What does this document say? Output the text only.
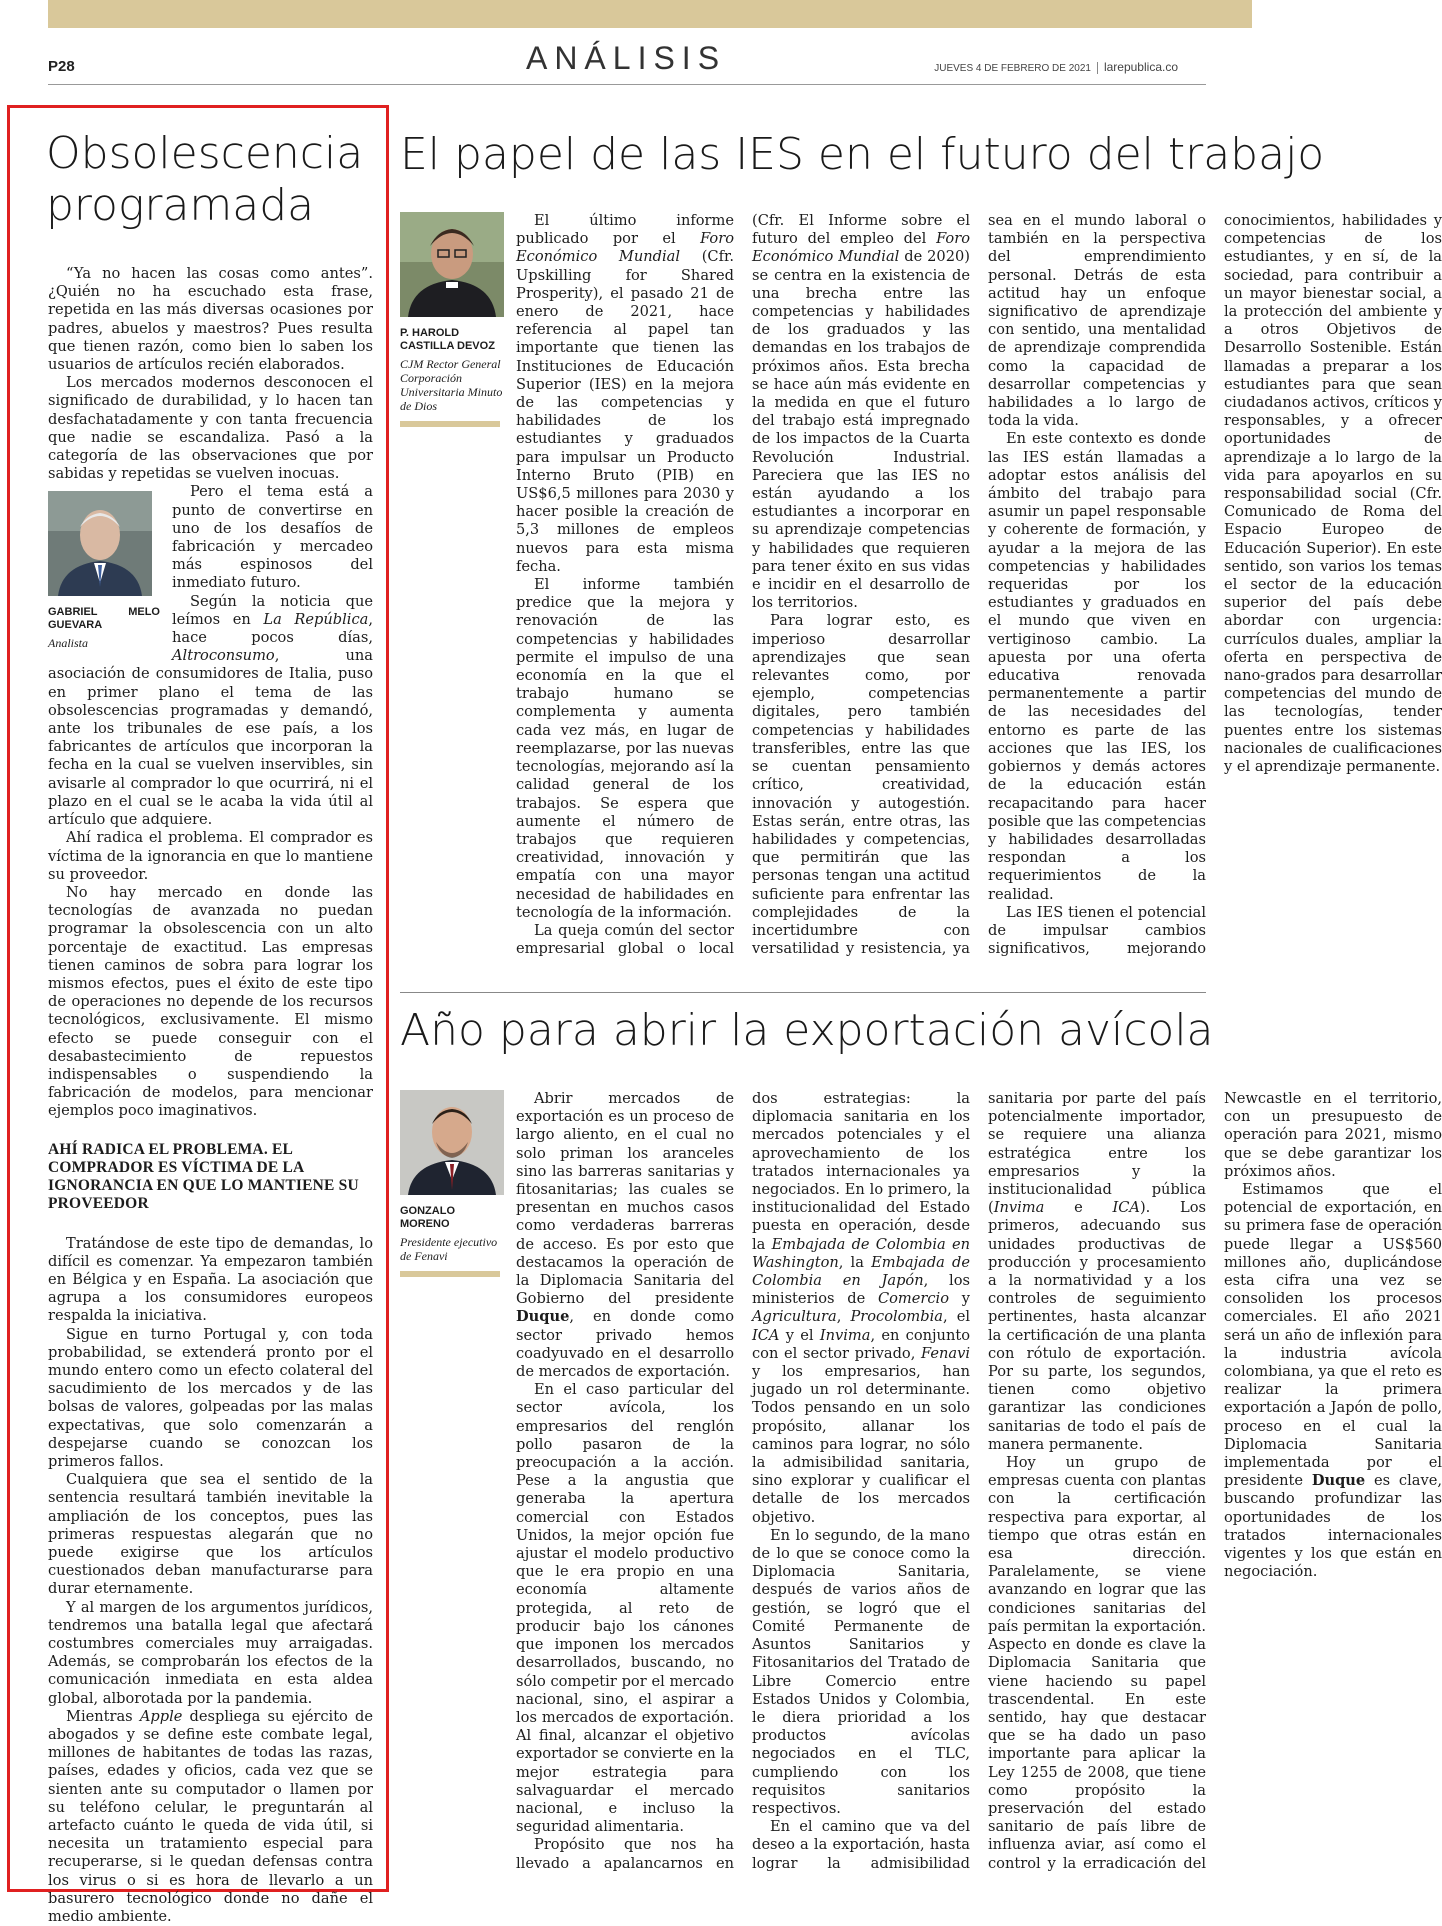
P28	ANÁLISIS	JUEVES 4 DE FEBRERO DE 2021 larepublica.co
Obsolescencia programada

“Ya no hacen las cosas como antes”. ¿Quién no ha escuchado esta frase, repetida en las más diversas ocasiones por padres, abuelos y maestros? Pues resulta que tienen razón, como bien lo saben los usuarios de artículos recién elaborados.

Los mercados modernos desconocen el significado de durabilidad, y lo hacen tan desfachatadamente y con tanta frecuencia que nadie se escandaliza. Pasó a la categoría de las observaciones que por sabidas y repetidas se vuelven inocuas.

GABRIEL MELO GUEVARA
Analista

Pero el tema está a punto de convertirse en uno de los desafíos de fabricación y mercadeo más espinosos del inmediato futuro.

Según la noticia que leímos en La República, hace pocos días, Altroconsumo, una asociación de consumidores de Italia, puso en primer plano el tema de las obsolescencias programadas y demandó, ante los tribunales de ese país, a los fabricantes de artículos que incorporan la fecha en la cual se vuelven inservibles, sin avisarle al comprador lo que ocurrirá, ni el plazo en el cual se le acaba la vida útil al artículo que adquiere.

Ahí radica el problema. El comprador es víctima de la ignorancia en que lo mantiene su proveedor.

No hay mercado en donde las tecnologías de avanzada no puedan programar la obsolescencia con un alto porcentaje de exactitud. Las empresas tienen caminos de sobra para lograr los mismos efectos, pues el éxito de este tipo de operaciones no depende de los recursos tecnológicos, exclusivamente. El mismo efecto se puede conseguir con el desabastecimiento de repuestos indispensables o suspendiendo la fabricación de modelos, para mencionar ejemplos poco imaginativos.

AHÍ RADICA EL PROBLEMA. EL COMPRADOR ES VÍCTIMA DE LA IGNORANCIA EN QUE LO MANTIENE SU PROVEEDOR

Tratándose de este tipo de demandas, lo difícil es comenzar. Ya empezaron también en Bélgica y en España. La asociación que agrupa a los consumidores europeos respalda la iniciativa.

Sigue en turno Portugal y, con toda probabilidad, se extenderá pronto por el mundo entero como un efecto colateral del sacudimiento de los mercados y de las bolsas de valores, golpeadas por las malas expectativas, que solo comenzarán a despejarse cuando se conozcan los primeros fallos.

Cualquiera que sea el sentido de la sentencia resultará también inevitable la ampliación de los conceptos, pues las primeras respuestas alegarán que no puede exigirse que los artículos cuestionados deban manufacturarse para durar eternamente.

Y al margen de los argumentos jurídicos, tendremos una batalla legal que afectará costumbres comerciales muy arraigadas. Además, se comprobarán los efectos de la comunicación inmediata en esta aldea global, alborotada por la pandemia.

Mientras Apple despliega su ejército de abogados y se define este combate legal, millones de habitantes de todas las razas, países, edades y oficios, cada vez que se sienten ante su computador o llamen por su teléfono celular, le preguntarán al artefacto cuánto le queda de vida útil, si necesita un tratamiento especial para recuperarse, si le quedan defensas contra los virus o si es hora de llevarlo a un basurero tecnológico donde no dañe el medio ambiente.

El papel de las IES en el futuro del trabajo
P. HAROLD CASTILLA DEVOZ
CJM Rector General Corporación Universitaria Minuto de Dios

El último informe publicado por el Foro Económico Mundial (Cfr. Upskilling for Shared Prosperity), el pasado 21 de enero de 2021, hace referencia al papel tan importante que tienen las Instituciones de Educación Superior (IES) en la mejora de las competencias y habilidades de los estudiantes y graduados para impulsar un Producto Interno Bruto (PIB) en US$6,5 millones para 2030 y hacer posible la creación de 5,3 millones de empleos nuevos para esta misma fecha.

El informe también predice que la mejora y renovación de las competencias y habilidades permite el impulso de una economía en la que el trabajo humano se complementa y aumenta cada vez más, en lugar de reemplazarse, por las nuevas tecnologías, mejorando así la calidad general de los trabajos. Se espera que aumente el número de trabajos que requieren creatividad, innovación y empatía con una mayor necesidad de habilidades en tecnología de la información.

La queja común del sector empresarial global o local (Cfr. El Informe sobre el futuro del empleo del Foro Económico Mundial de 2020) se centra en la existencia de una brecha entre las competencias y habilidades de los graduados y las demandas en los trabajos de próximos años. Esta brecha se hace aún más evidente en la medida en que el futuro del trabajo está impregnado de los impactos de la Cuarta Revolución Industrial. Pareciera que las IES no están ayudando a los estudiantes a incorporar en su aprendizaje competencias y habilidades que requieren para tener éxito en sus vidas e incidir en el desarrollo de los territorios.

Para lograr esto, es imperioso desarrollar aprendizajes que sean relevantes como, por ejemplo, competencias digitales, pero también competencias y habilidades transferibles, entre las que se cuentan pensamiento crítico, creatividad, innovación y autogestión. Estas serán, entre otras, las habilidades y competencias, que permitirán que las personas tengan una actitud suficiente para enfrentar las complejidades de la incertidumbre con versatilidad y resistencia, ya sea en el mundo laboral o también en la perspectiva del emprendimiento personal. Detrás de esta actitud hay un enfoque significativo de aprendizaje con sentido, una mentalidad de aprendizaje comprendida como la capacidad de desarrollar competencias y habilidades a lo largo de toda la vida.

En este contexto es donde las IES están llamadas a adoptar estos análisis del ámbito del trabajo para asumir un papel responsable y coherente de formación, y ayudar a la mejora de las competencias y habilidades requeridas por los estudiantes y graduados en el mundo que viven en vertiginoso cambio. La apuesta por una oferta educativa renovada permanentemente a partir de las necesidades del entorno es parte de las acciones que las IES, los gobiernos y demás actores de la educación están recapacitando para hacer posible que las competencias y habilidades desarrolladas respondan a los requerimientos de la realidad.

Las IES tienen el potencial de impulsar cambios significativos, mejorando conocimientos, habilidades y competencias de los estudiantes, y en sí, de la sociedad, para contribuir a un mayor bienestar social, a la protección del ambiente y a otros Objetivos de Desarrollo Sostenible. Están llamadas a preparar a los estudiantes para que sean ciudadanos activos, críticos y responsables, y a ofrecer oportunidades de aprendizaje a lo largo de la vida para apoyarlos en su responsabilidad social (Cfr. Comunicado de Roma del Espacio Europeo de Educación Superior). En este sentido, son varios los temas el sector de la educación superior del país debe abordar con urgencia: currículos duales, ampliar la oferta en perspectiva de nano-grados para desarrollar competencias del mundo de las tecnologías, tender puentes entre los sistemas nacionales de cualificaciones y el aprendizaje permanente.

Año para abrir la exportación avícola
GONZALO MORENO
Presidente ejecutivo de Fenavi

Abrir mercados de exportación es un proceso de largo aliento, en el cual no solo priman los aranceles sino las barreras sanitarias y fitosanitarias; las cuales se presentan en muchos casos como verdaderas barreras de acceso. Es por esto que destacamos la operación de la Diplomacia Sanitaria del Gobierno del presidente Duque, en donde como sector privado hemos coadyuvado en el desarrollo de mercados de exportación.

En el caso particular del sector avícola, los empresarios del renglón pollo pasaron de la preocupación a la acción. Pese a la angustia que generaba la apertura comercial con Estados Unidos, la mejor opción fue ajustar el modelo productivo que le era propio en una economía altamente protegida, al reto de producir bajo los cánones que imponen los mercados desarrollados, buscando, no sólo competir por el mercado nacional, sino, el aspirar a los mercados de exportación. Al final, alcanzar el objetivo exportador se convierte en la mejor estrategia para salvaguardar el mercado nacional, e incluso la seguridad alimentaria.

Propósito que nos ha llevado a apalancarnos en dos estrategias: la diplomacia sanitaria en los mercados potenciales y el aprovechamiento de los tratados internacionales ya negociados. En lo primero, la institucionalidad del Estado puesta en operación, desde la Embajada de Colombia en Washington, la Embajada de Colombia en Japón, los ministerios de Comercio y Agricultura, Procolombia, el ICA y el Invima, en conjunto con el sector privado, Fenavi y los empresarios, han jugado un rol determinante. Todos pensando en un solo propósito, allanar los caminos para lograr, no sólo la admisibilidad sanitaria, sino explorar y cualificar el detalle de los mercados objetivo.

En lo segundo, de la mano de lo que se conoce como la Diplomacia Sanitaria, después de varios años de gestión, se logró que el Comité Permanente de Asuntos Sanitarios y Fitosanitarios del Tratado de Libre Comercio entre Estados Unidos y Colombia, le diera prioridad a los productos avícolas negociados en el TLC, cumpliendo con los requisitos sanitarios respectivos.

En el camino que va del deseo a la exportación, hasta lograr la admisibilidad sanitaria por parte del país potencialmente importador, se requiere una alianza estratégica entre los empresarios y la institucionalidad pública (Invima e ICA). Los primeros, adecuando sus unidades productivas de producción y procesamiento a la normatividad y a los controles de seguimiento pertinentes, hasta alcanzar la certificación de una planta con rótulo de exportación. Por su parte, los segundos, tienen como objetivo garantizar las condiciones sanitarias de todo el país de manera permanente.

Hoy un grupo de empresas cuenta con plantas con la certificación respectiva para exportar, al tiempo que otras están en esa dirección. Paralelamente, se viene avanzando en lograr que las condiciones sanitarias del país permitan la exportación. Aspecto en donde es clave la Diplomacia Sanitaria que viene haciendo su papel trascendental. En este sentido, hay que destacar que se ha dado un paso importante para aplicar la Ley 1255 de 2008, que tiene como propósito la preservación del estado sanitario de país libre de influenza aviar, así como el control y la erradicación del Newcastle en el territorio, con un presupuesto de operación para 2021, mismo que se debe garantizar los próximos años.

Estimamos que el potencial de exportación, en su primera fase de operación puede llegar a US$560 millones año, duplicándose esta cifra una vez se consoliden los procesos comerciales. El año 2021 será un año de inflexión para la industria avícola colombiana, ya que el reto es realizar la primera exportación a Japón de pollo, proceso en el cual la Diplomacia Sanitaria implementada por el presidente Duque es clave, buscando profundizar las oportunidades de los tratados internacionales vigentes y los que están en negociación.
